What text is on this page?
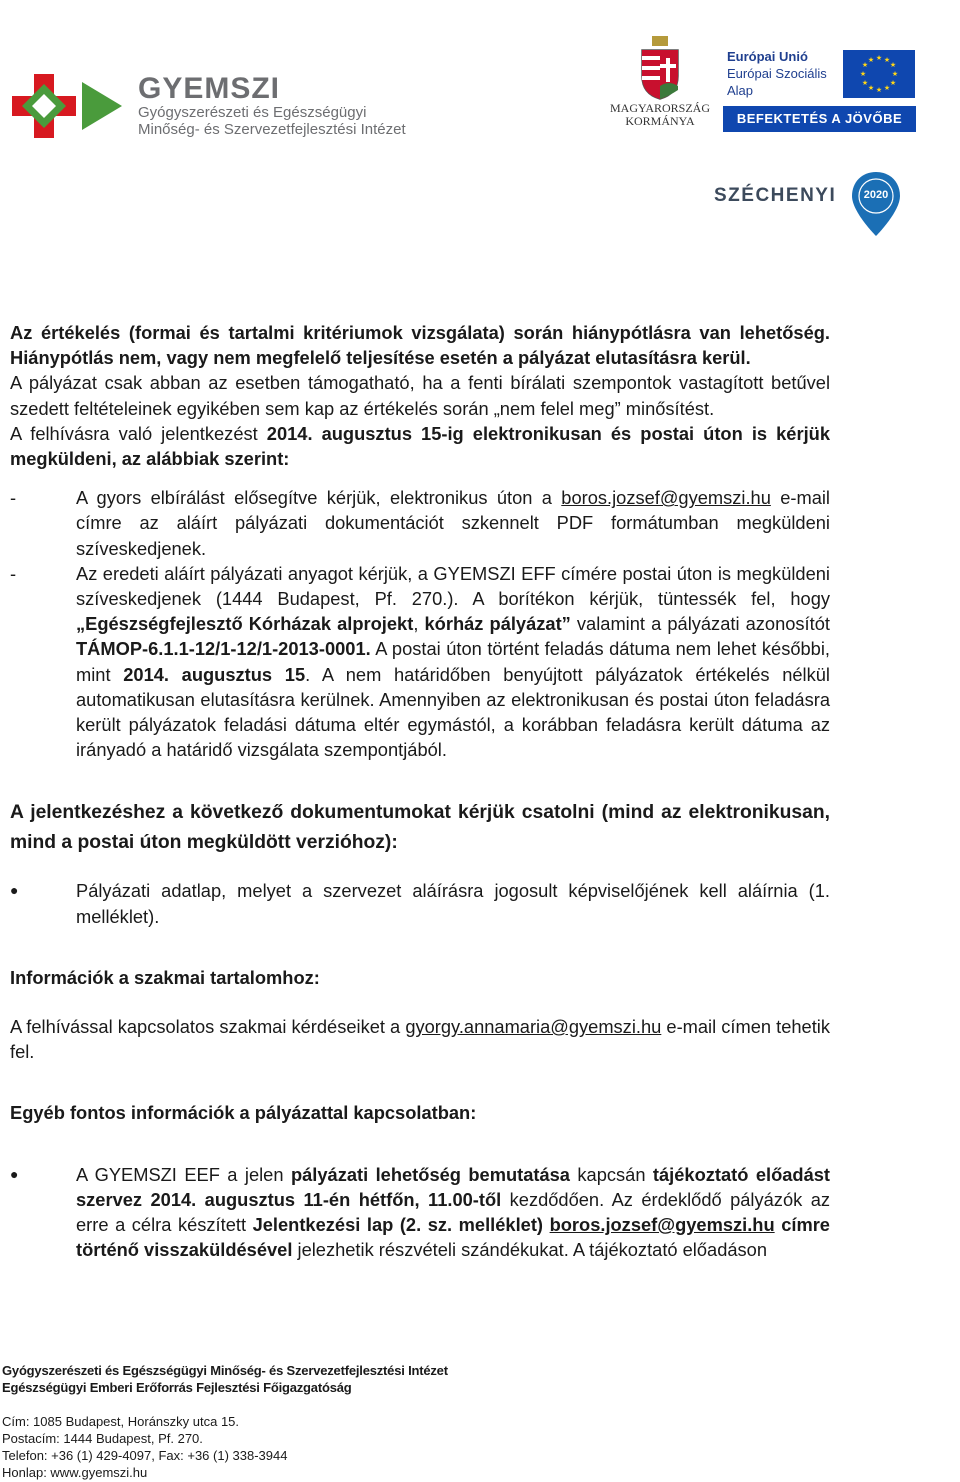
GYEMSZI
Gyógyszerészeti és Egészségügyi
Minőség- és Szervezetfejlesztési Intézet
MAGYARORSZÁG
KORMÁNYA
Európai Unió
Európai Szociális
Alap
★ ★
★
★
★
★
★
★
★
★
★
★
BEFEKTETÉS A JÖVŐBE
SZÉCHENYI	2020

Az értékelés (formai és tartalmi kritériumok vizsgálata) során hiánypótlásra van lehetőség. Hiánypótlás nem, vagy nem megfelelő teljesítése esetén a pályázat elutasításra kerül.

A pályázat csak abban az esetben támogatható, ha a fenti bírálati szempontok vastagított betűvel szedett feltételeinek egyikében sem kap az értékelés során „nem felel meg” minősítést.

A felhívásra való jelentkezést 2014. augusztus 15-ig elektronikusan és postai úton is kérjük megküldeni, az alábbiak szerint:

-	A gyors elbírálást elősegítve kérjük, elektronikus úton a boros.jozsef@gyemszi.hu e-mail címre az aláírt pályázati dokumentációt szkennelt PDF formátumban megküldeni szíveskedjenek.
-	Az eredeti aláírt pályázati anyagot kérjük, a GYEMSZI EFF címére postai úton is megküldeni szíveskedjenek (1444 Budapest, Pf. 270.). A borítékon kérjük, tüntessék fel, hogy „Egészségfejlesztő Kórházak alprojekt, kórház pályázat” valamint a pályázati azonosítót TÁMOP-6.1.1-12/1-12/1-2013-0001. A postai úton történt feladás dátuma nem lehet későbbi, mint 2014. augusztus 15. A nem határidőben benyújtott pályázatok értékelés nélkül automatikusan elutasításra kerülnek. Amennyiben az elektronikusan és postai úton feladásra került pályázatok feladási dátuma eltér egymástól, a korábban feladásra került dátuma az irányadó a határidő vizsgálata szempontjából.

A jelentkezéshez a következő dokumentumokat kérjük csatolni (mind az elektronikusan, mind a postai úton megküldött verzióhoz):

●	Pályázati adatlap, melyet a szervezet aláírásra jogosult képviselőjének kell aláírnia (1. melléklet).

Információk a szakmai tartalomhoz:

A felhívással kapcsolatos szakmai kérdéseiket a gyorgy.annamaria@gyemszi.hu e-mail címen tehetik fel.

Egyéb fontos információk a pályázattal kapcsolatban:

●	A GYEMSZI EEF a jelen pályázati lehetőség bemutatása kapcsán tájékoztató előadást szervez 2014. augusztus 11-én hétfőn, 11.00-től kezdődően. Az érdeklődő pályázók az erre a célra készített Jelentkezési lap (2. sz. melléklet) boros.jozsef@gyemszi.hu címre történő visszaküldésével jelezhetik részvételi szándékukat. A tájékoztató előadáson
Gyógyszerészeti és Egészségügyi Minőség- és Szervezetfejlesztési Intézet
Egészségügyi Emberi Erőforrás Fejlesztési Főigazgatóság
Cím: 1085 Budapest, Horánszky utca 15.
Postacím: 1444 Budapest, Pf. 270.
Telefon: +36 (1) 429-4097, Fax: +36 (1) 338-3944
Honlap: www.gyemszi.hu
